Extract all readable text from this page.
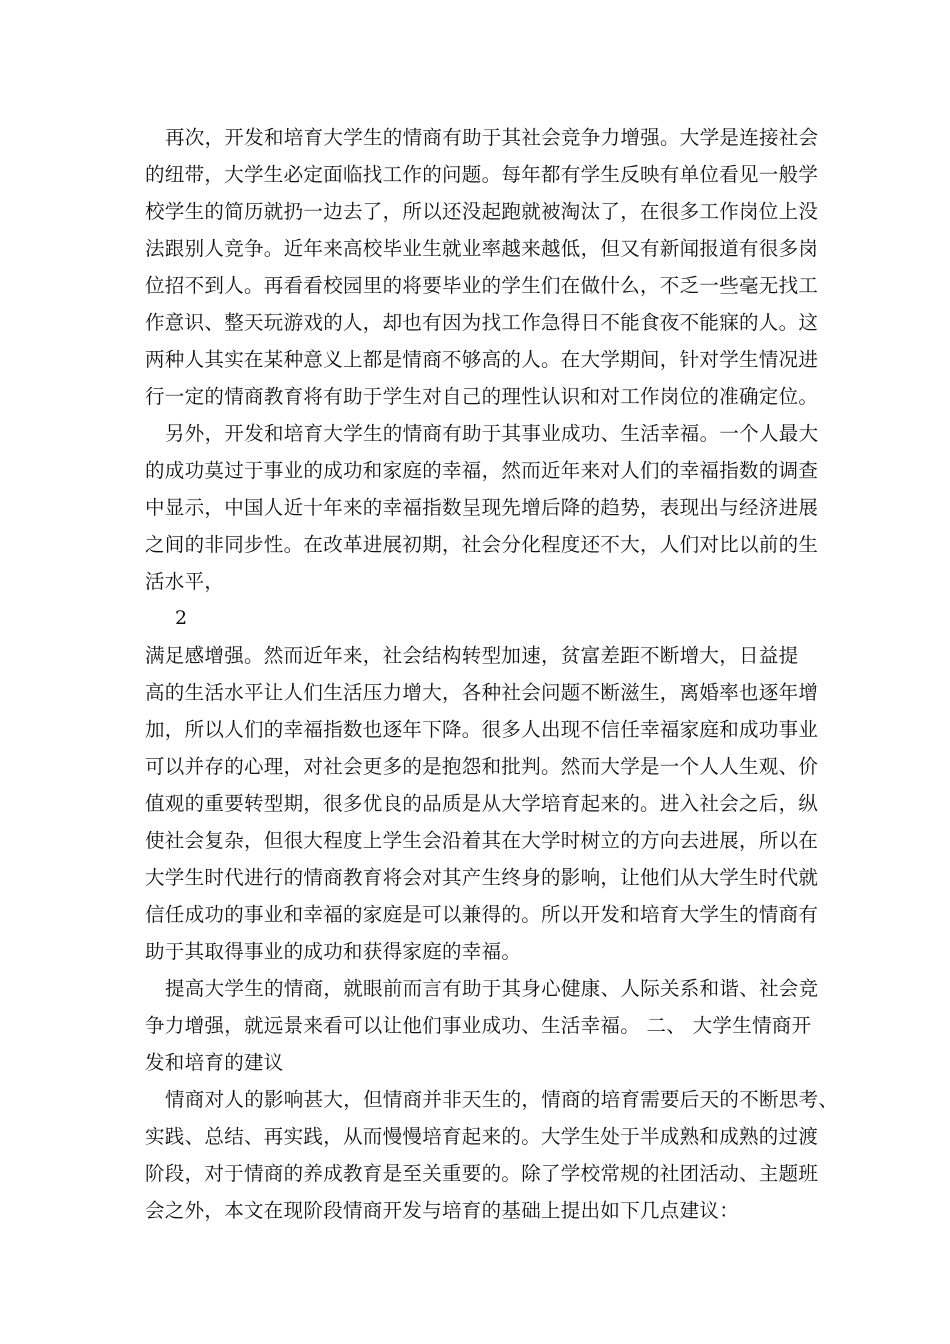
再次，开发和培育大学生的情商有助于其社会竞争力增强。大学是连接社会
的纽带，大学生必定面临找工作的问题。每年都有学生反映有单位看见一般学
校学生的简历就扔一边去了，所以还没起跑就被淘汰了，在很多工作岗位上没
法跟别人竞争。近年来高校毕业生就业率越来越低，但又有新闻报道有很多岗
位招不到人。再看看校园里的将要毕业的学生们在做什么，不乏一些毫无找工
作意识、整天玩游戏的人，却也有因为找工作急得日不能食夜不能寐的人。这
两种人其实在某种意义上都是情商不够高的人。在大学期间，针对学生情况进
行一定的情商教育将有助于学生对自己的理性认识和对工作岗位的准确定位。
另外，开发和培育大学生的情商有助于其事业成功、生活幸福。一个人最大
的成功莫过于事业的成功和家庭的幸福，然而近年来对人们的幸福指数的调查
中显示，中国人近十年来的幸福指数呈现先增后降的趋势，表现出与经济进展
之间的非同步性。在改革进展初期，社会分化程度还不大，人们对比以前的生
活水平，
2
满足感增强。然而近年来，社会结构转型加速，贫富差距不断增大，日益提
高的生活水平让人们生活压力增大，各种社会问题不断滋生，离婚率也逐年增
加，所以人们的幸福指数也逐年下降。很多人出现不信任幸福家庭和成功事业
可以并存的心理，对社会更多的是抱怨和批判。然而大学是一个人人生观、价
值观的重要转型期，很多优良的品质是从大学培育起来的。进入社会之后，纵
使社会复杂，但很大程度上学生会沿着其在大学时树立的方向去进展，所以在
大学生时代进行的情商教育将会对其产生终身的影响，让他们从大学生时代就
信任成功的事业和幸福的家庭是可以兼得的。所以开发和培育大学生的情商有
助于其取得事业的成功和获得家庭的幸福。
提高大学生的情商，就眼前而言有助于其身心健康、人际关系和谐、社会竞
争力增强，就远景来看可以让他们事业成功、生活幸福。 二、 大学生情商开
发和培育的建议
情商对人的影响甚大，但情商并非天生的，情商的培育需要后天的不断思考、
实践、总结、再实践，从而慢慢培育起来的。大学生处于半成熟和成熟的过渡
阶段，对于情商的养成教育是至关重要的。除了学校常规的社团活动、主题班
会之外，本文在现阶段情商开发与培育的基础上提出如下几点建议：
